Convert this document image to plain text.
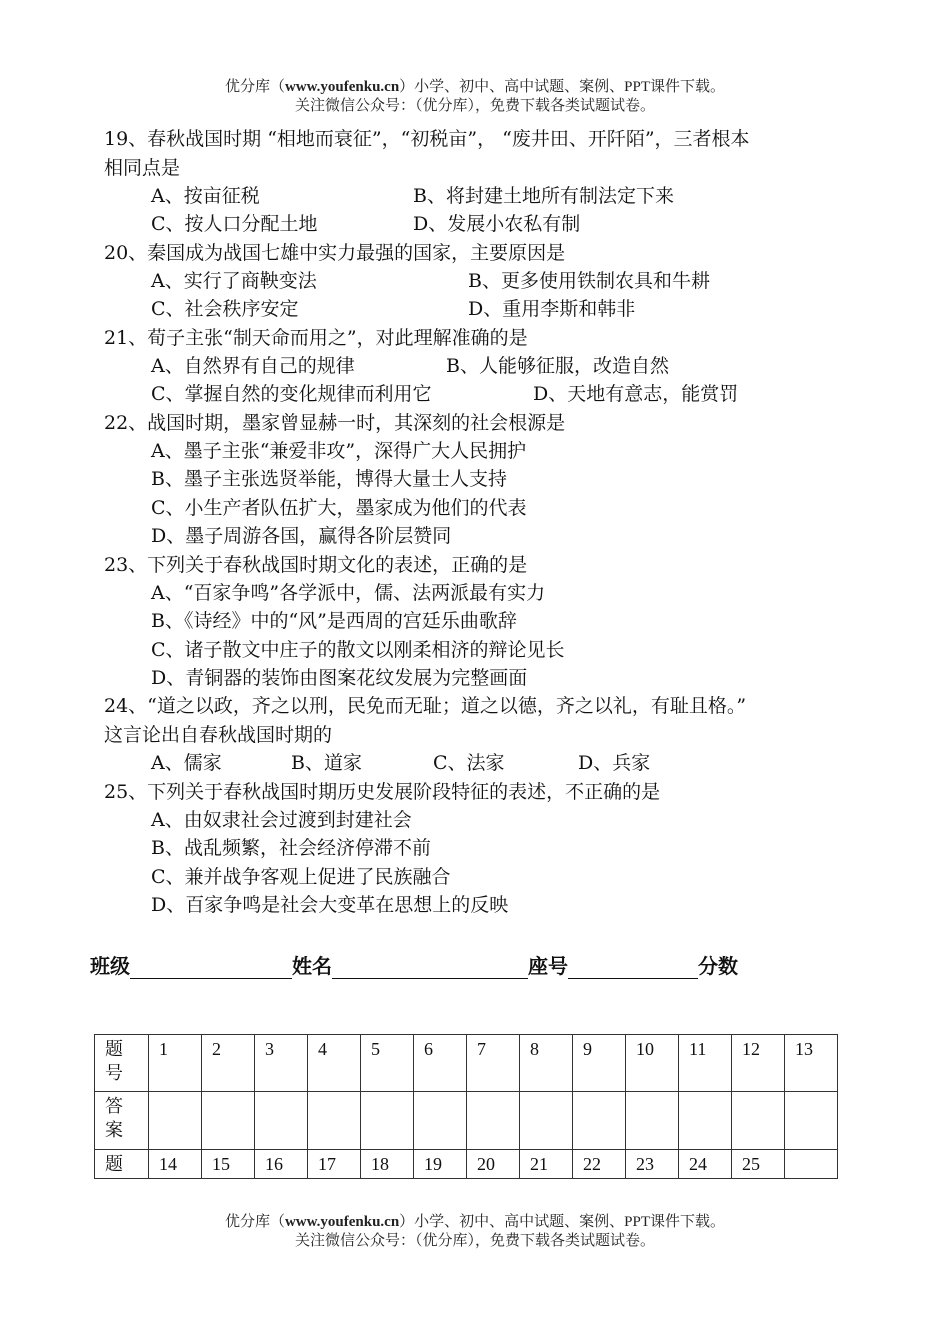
优分库（www.youfenku.cn）小学、初中、高中试题、案例、PPT课件下载。
关注微信公众号：（优分库），免费下载各类试题试卷。
19、春秋战国时期 “相地而衰征”，“初税亩”， “废井田、开阡陌”，三者根本
相同点是
A、按亩征税	B、将封建土地所有制法定下来
C、按人口分配土地	D、发展小农私有制
20、秦国成为战国七雄中实力最强的国家，主要原因是
A、实行了商鞅变法	B、更多使用铁制农具和牛耕
C、社会秩序安定	D、重用李斯和韩非
21、荀子主张“制天命而用之”，对此理解准确的是
A、自然界有自己的规律	B、人能够征服，改造自然
C、掌握自然的变化规律而利用它	D、天地有意志，能赏罚
22、战国时期，墨家曾显赫一时，其深刻的社会根源是
A、墨子主张“兼爱非攻”，深得广大人民拥护
B、墨子主张选贤举能，博得大量士人支持
C、小生产者队伍扩大，墨家成为他们的代表
D、墨子周游各国，赢得各阶层赞同
23、下列关于春秋战国时期文化的表述，正确的是
A、“百家争鸣”各学派中，儒、法两派最有实力
B、《诗经》中的“风”是西周的宫廷乐曲歌辞
C、诸子散文中庄子的散文以刚柔相济的辩论见长
D、青铜器的装饰由图案花纹发展为完整画面
24、“道之以政，齐之以刑，民免而无耻；道之以德，齐之以礼，有耻且格。”
这言论出自春秋战国时期的
A、儒家	B、道家	C、法家	D、兵家
25、下列关于春秋战国时期历史发展阶段特征的表述，不正确的是
A、由奴隶社会过渡到封建社会
B、战乱频繁，社会经济停滞不前
C、兼并战争客观上促进了民族融合
D、百家争鸣是社会大变革在思想上的反映
班级	姓名	座号	分数
题
号	1	2	3	4	5	6	7	8	9	10	11	12	13
答
案													
题	14	15	16	17	18	19	20	21	22	23	24	25	
优分库（www.youfenku.cn）小学、初中、高中试题、案例、PPT课件下载。
关注微信公众号：（优分库），免费下载各类试题试卷。
